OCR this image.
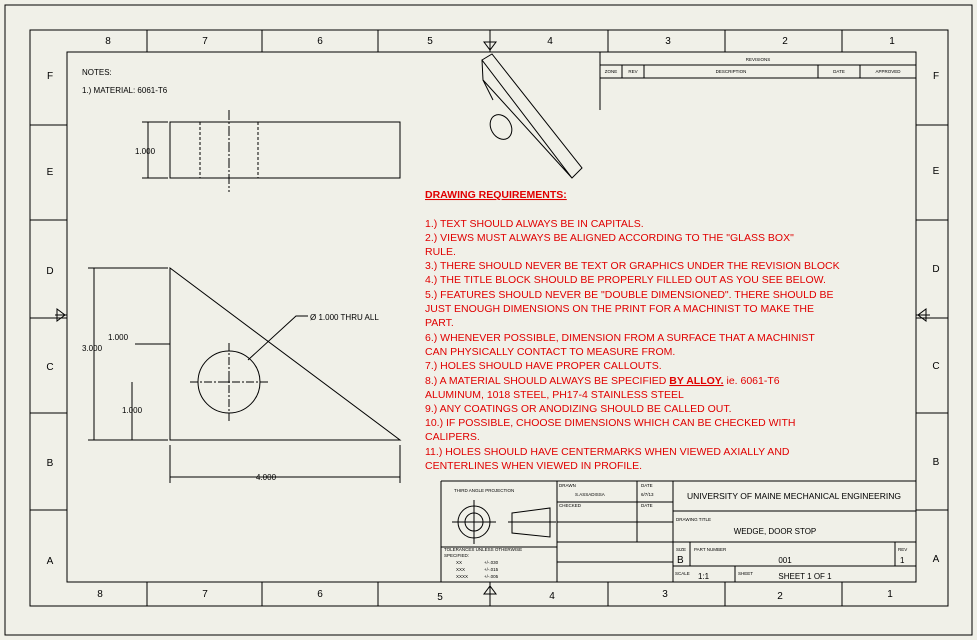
8	7	6	5	4	3	2	1
8	7	6	5	4	3	2	1
F
E
D
C
B
A
F
E
D
C
B
A
NOTES:
1.) MATERIAL: 6061-T6
1.000
3.000
1.000
1.000
4.000
Ø 1.000 THRU ALL
REVISIONS
ZONE REV	DESCRIPTION	DATE	APPROVED
DRAWING REQUIREMENTS:
1.) TEXT SHOULD ALWAYS BE IN CAPITALS.
2.) VIEWS MUST ALWAYS BE ALIGNED ACCORDING TO THE "GLASS BOX"
RULE.
3.) THERE SHOULD NEVER BE TEXT OR GRAPHICS UNDER THE REVISION BLOCK
4.) THE TITLE BLOCK SHOULD BE PROPERLY FILLED OUT AS YOU SEE BELOW.
5.) FEATURES SHOULD NEVER BE "DOUBLE DIMENSIONED". THERE SHOULD BE
JUST ENOUGH DIMENSIONS ON THE PRINT FOR A MACHINIST TO MAKE THE
PART.
6.) WHENEVER POSSIBLE, DIMENSION FROM A SURFACE THAT A MACHINIST
CAN PHYSICALLY CONTACT TO MEASURE FROM.
7.) HOLES SHOULD HAVE PROPER CALLOUTS.
8.) A MATERIAL SHOULD ALWAYS BE SPECIFIED BY ALLOY. ie. 6061-T6
ALUMINUM, 1018 STEEL, PH17-4 STAINLESS STEEL
9.) ANY COATINGS OR ANODIZING SHOULD BE CALLED OUT.
10.) IF POSSIBLE, CHOOSE DIMENSIONS WHICH CAN BE CHECKED WITH
CALIPERS.
11.) HOLES SHOULD HAVE CENTERMARKS WHEN VIEWED AXIALLY AND
CENTERLINES WHEN VIEWED IN PROFILE.
THIRD ANGLE PROJECTION
TOLERANCES UNLESS OTHERWISE
SPECIFIED:
XX	+/-.030
XXX	+/-.015
XXXX	+/-.005
DRAWN
S.ASSADISSA
DATE
6/7/13
CHECKED	DATE
UNIVERSITY OF MAINE MECHANICAL ENGINEERING
DRAWING TITLE
WEDGE, DOOR STOP
SIZE
B
PART NUMBER
001
REV
1
SCALE 1:1	SHEET	SHEET 1 OF 1
